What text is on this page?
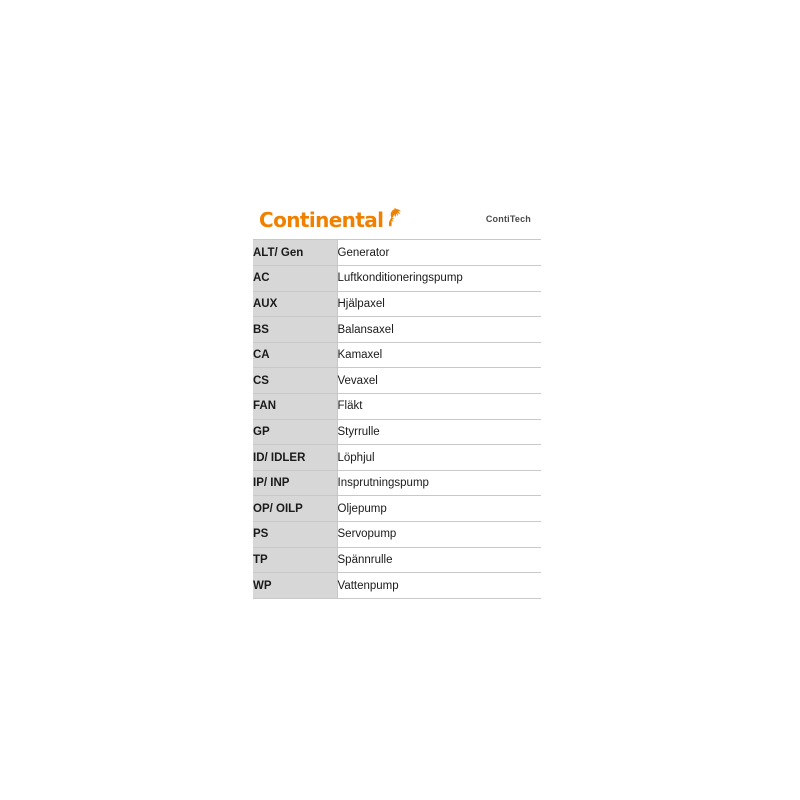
Continental	ContiTech
ALT/ Gen	Generator
AC	Luftkonditioneringspump
AUX	Hjälpaxel
BS	Balansaxel
CA	Kamaxel
CS	Vevaxel
FAN	Fläkt
GP	Styrrulle
ID/ IDLER	Löphjul
IP/ INP	Insprutningspump
OP/ OILP	Oljepump
PS	Servopump
TP	Spännrulle
WP	Vattenpump
